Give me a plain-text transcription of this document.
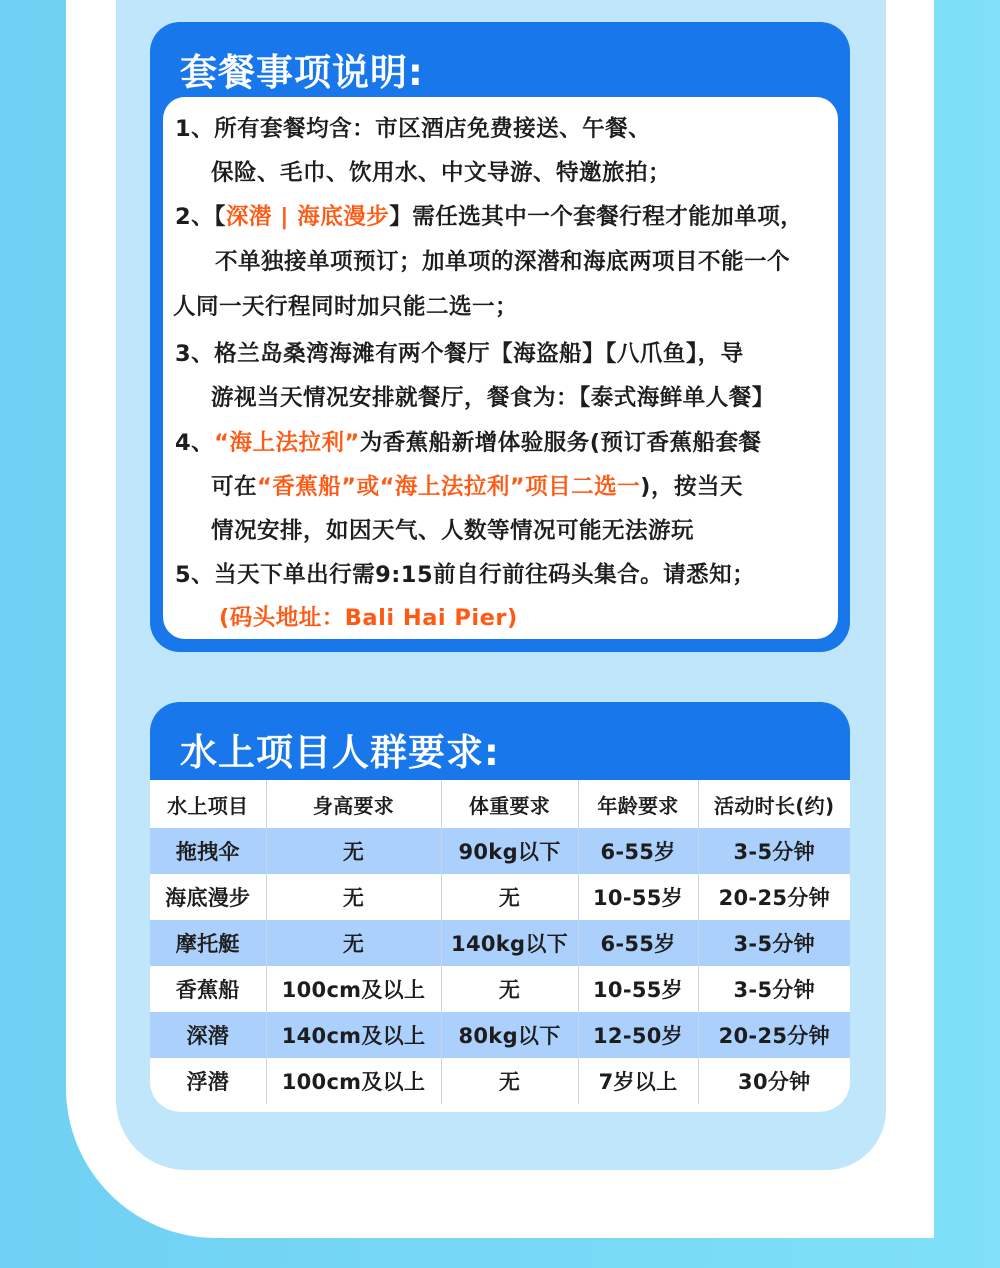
套餐事项说明:
1、所有套餐均含：市区酒店免费接送、午餐、
保险、毛巾、饮用水、中文导游、特邀旅拍；
2、【深潜 | 海底漫步】需任选其中一个套餐行程才能加单项，
不单独接单项预订；加单项的深潜和海底两项目不能一个
人同一天行程同时加只能二选一；
3、格兰岛桑湾海滩有两个餐厅【海盗船】【八爪鱼】，导
游视当天情况安排就餐厅，餐食为：【泰式海鲜单人餐】
4、“海上法拉利”为香蕉船新增体验服务(预订香蕉船套餐
可在“香蕉船”或“海上法拉利”项目二选一)，按当天
情况安排，如因天气、人数等情况可能无法游玩
5、当天下单出行需9:15前自行前往码头集合。请悉知；
(码头地址：Bali Hai Pier)
水上项目人群要求:
水上项目	身高要求	体重要求	年龄要求	活动时长(约)
拖拽伞	无	90kg以下	6-55岁	3-5分钟
海底漫步	无	无	10-55岁	20-25分钟
摩托艇	无	140kg以下	6-55岁	3-5分钟
香蕉船	100cm及以上	无	10-55岁	3-5分钟
深潜	140cm及以上	80kg以下	12-50岁	20-25分钟
浮潜	100cm及以上	无	7岁以上	30分钟
